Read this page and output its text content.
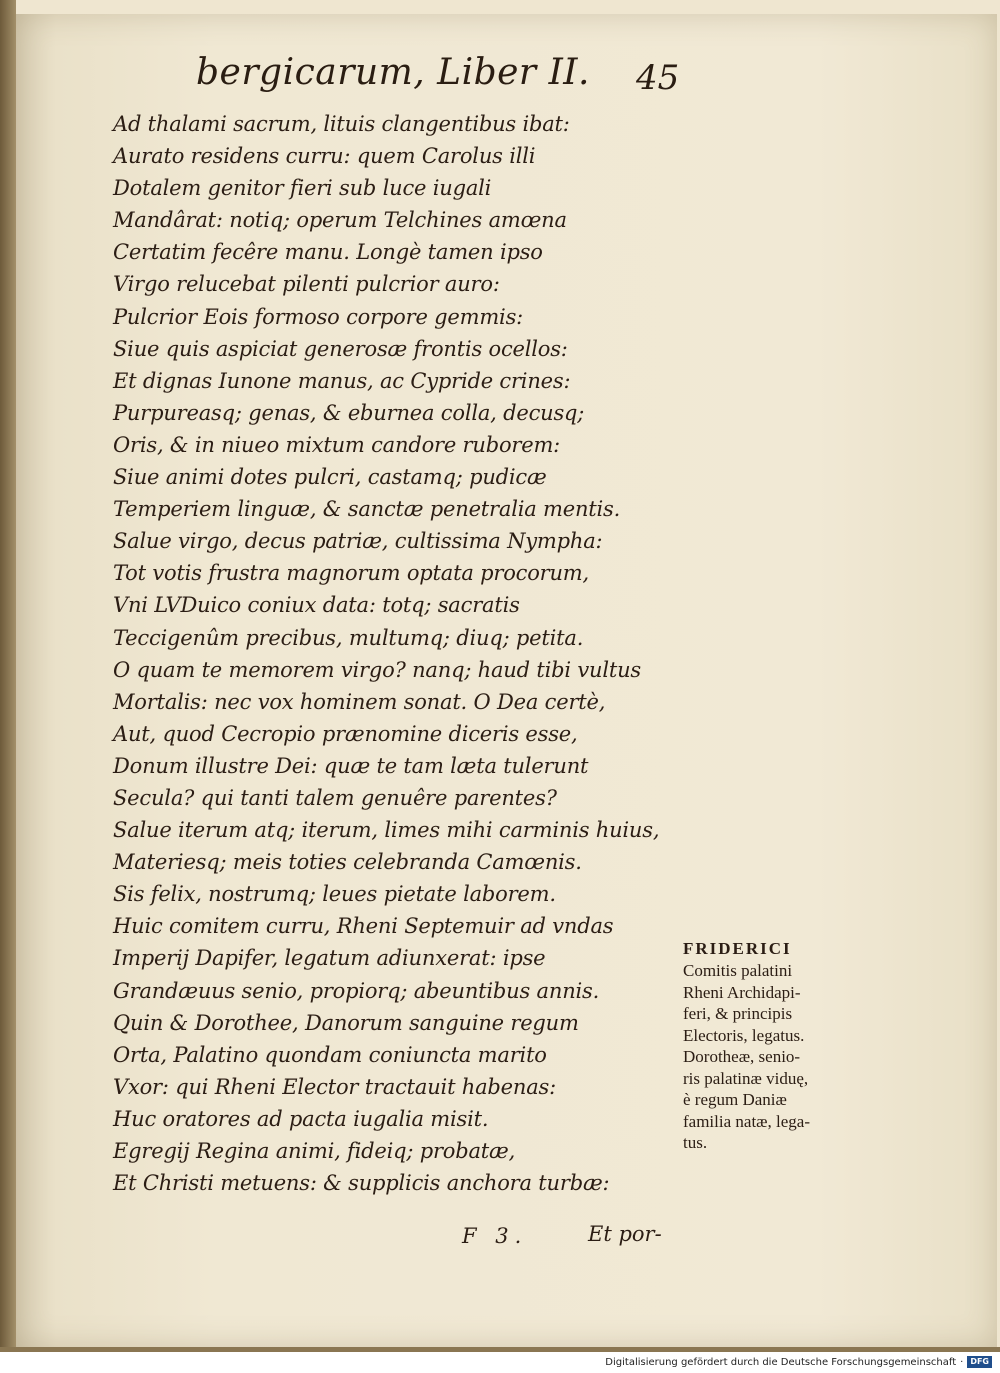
bergicarum, Liber II. 45
Ad thalami sacrum, lituis clangentibus ibat:
Aurato residens curru: quem Carolus illi
Dotalem genitor fieri sub luce iugali
Mandârat: notiq; operum Telchines amœna
Certatim fecêre manu. Longè tamen ipso
Virgo relucebat pilenti pulcrior auro:
Pulcrior Eois formoso corpore gemmis:
Siue quis aspiciat generosæ frontis ocellos:
Et dignas Iunone manus, ac Cypride crines:
Purpureasq; genas, & eburnea colla, decusq;
Oris, & in niueo mixtum candore ruborem:
Siue animi dotes pulcri, castamq; pudicæ
Temperiem linguæ, & sanctæ penetralia mentis.
Salue virgo, decus patriæ, cultissima Nympha:
Tot votis frustra magnorum optata procorum,
Vni LVDuico coniux data: totq; sacratis
Teccigenûm precibus, multumq; diuq; petita.
O quam te memorem virgo? nanq; haud tibi vultus
Mortalis: nec vox hominem sonat. O Dea certè,
Aut, quod Cecropio prænomine diceris esse,
Donum illustre Dei: quæ te tam læta tulerunt
Secula? qui tanti talem genuêre parentes?
Salue iterum atq; iterum, limes mihi carminis huius,
Materiesq; meis toties celebranda Camœnis.
Sis felix, nostrumq; leues pietate laborem.
Huic comitem curru, Rheni Septemuir ad vndas
Imperij Dapifer, legatum adiunxerat: ipse
Grandæuus senio, propiorq; abeuntibus annis.
Quin & Dorothee, Danorum sanguine regum
Orta, Palatino quondam coniuncta marito
Vxor: qui Rheni Elector tractauit habenas:
Huc oratores ad pacta iugalia misit.
Egregij Regina animi, fideiq; probatæ,
Et Christi metuens: & supplicis anchora turbæ:
FRIDERICI
Comitis palatini
Rheni Archidapi-
feri, & principis
Electoris, legatus.
Dorotheæ, senio-
ris palatinæ viduę,
è regum Daniæ
familia natæ, lega-
tus.
F 3.	Et por-
Digitalisierung gefördert durch die Deutsche Forschungsgemeinschaft · DFG
